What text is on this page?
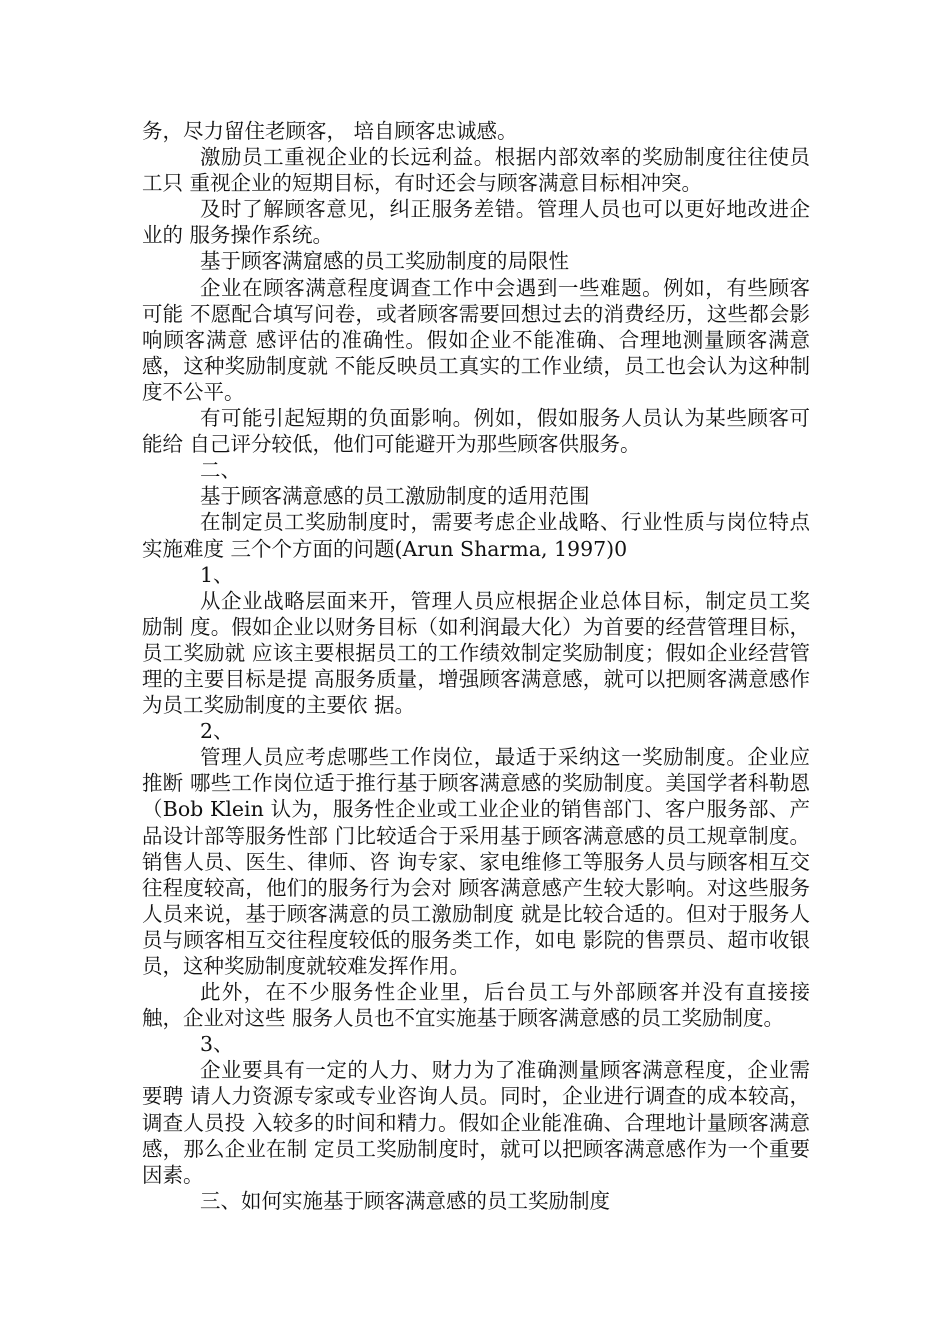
务，尽力留住老顾客， 培自顾客忠诚感。

激励员工重视企业的长远利益。根据内部效率的奖励制度往往使员工只 重视企业的短期目标，有时还会与顾客满意目标相冲突。

及时了解顾客意见，纠正服务差错。管理人员也可以更好地改进企业的 服务操作系统。

基于顾客满窟感的员工奖励制度的局限性

企业在顾客满意程度调查工作中会遇到一些难题。例如，有些顾客可能 不愿配合填写问卷，或者顾客需要回想过去的消费经历，这些都会影响顾客满意 感评估的准确性。假如企业不能准确、合理地测量顾客满意感，这种奖励制度就 不能反映员工真实的工作业绩，员工也会认为这种制度不公平。

有可能引起短期的负面影响。例如，假如服务人员认为某些顾客可能给 自己评分较低，他们可能避开为那些顾客供服务。

二、

基于顾客满意感的员工激励制度的适用范围

在制定员工奖励制度时，需要考虑企业战略、行业性质与岗位特点实施难度 三个个方面的问题(Arun Sharma, 1997)0

1、

从企业战略层面来开，管理人员应根据企业总体目标，制定员工奖励制 度。假如企业以财务目标（如利润最大化）为首要的经营管理目标，员工奖励就 应该主要根据员工的工作绩效制定奖励制度；假如企业经营管理的主要目标是提 高服务质量，增强顾客满意感，就可以把厕客满意感作为员工奖励制度的主要依 据。

2、

管理人员应考虑哪些工作岗位，最适于采纳这一奖励制度。企业应推断 哪些工作岗位适于推行基于顾客满意感的奖励制度。美国学者科勒恩（Bob Klein 认为，服务性企业或工业企业的销售部门、客户服务部、产品设计部等服务性部 门比较适合于采用基于顾客满意感的员工规章制度。销售人员、医生、律师、咨 询专家、家电维修工等服务人员与顾客相互交往程度较高，他们的服务行为会对 顾客满意感产生较大影响。对这些服务人员来说，基于顾客满意的员工激励制度 就是比较合适的。但对于服务人员与顾客相互交往程度较低的服务类工作，如电 影院的售票员、超市收银员，这种奖励制度就较难发挥作用。

此外，在不少服务性企业里，后台员工与外部顾客并没有直接接触，企业对这些 服务人员也不宜实施基于顾客满意感的员工奖励制度。

3、

企业要具有一定的人力、财力为了准确测量顾客满意程度，企业需要聘 请人力资源专家或专业咨询人员。同时，企业进行调查的成本较高，调查人员投 入较多的时间和精力。假如企业能准确、合理地计量顾客满意感，那么企业在制 定员工奖励制度时，就可以把顾客满意感作为一个重要因素。

三、如何实施基于顾客满意感的员工奖励制度
